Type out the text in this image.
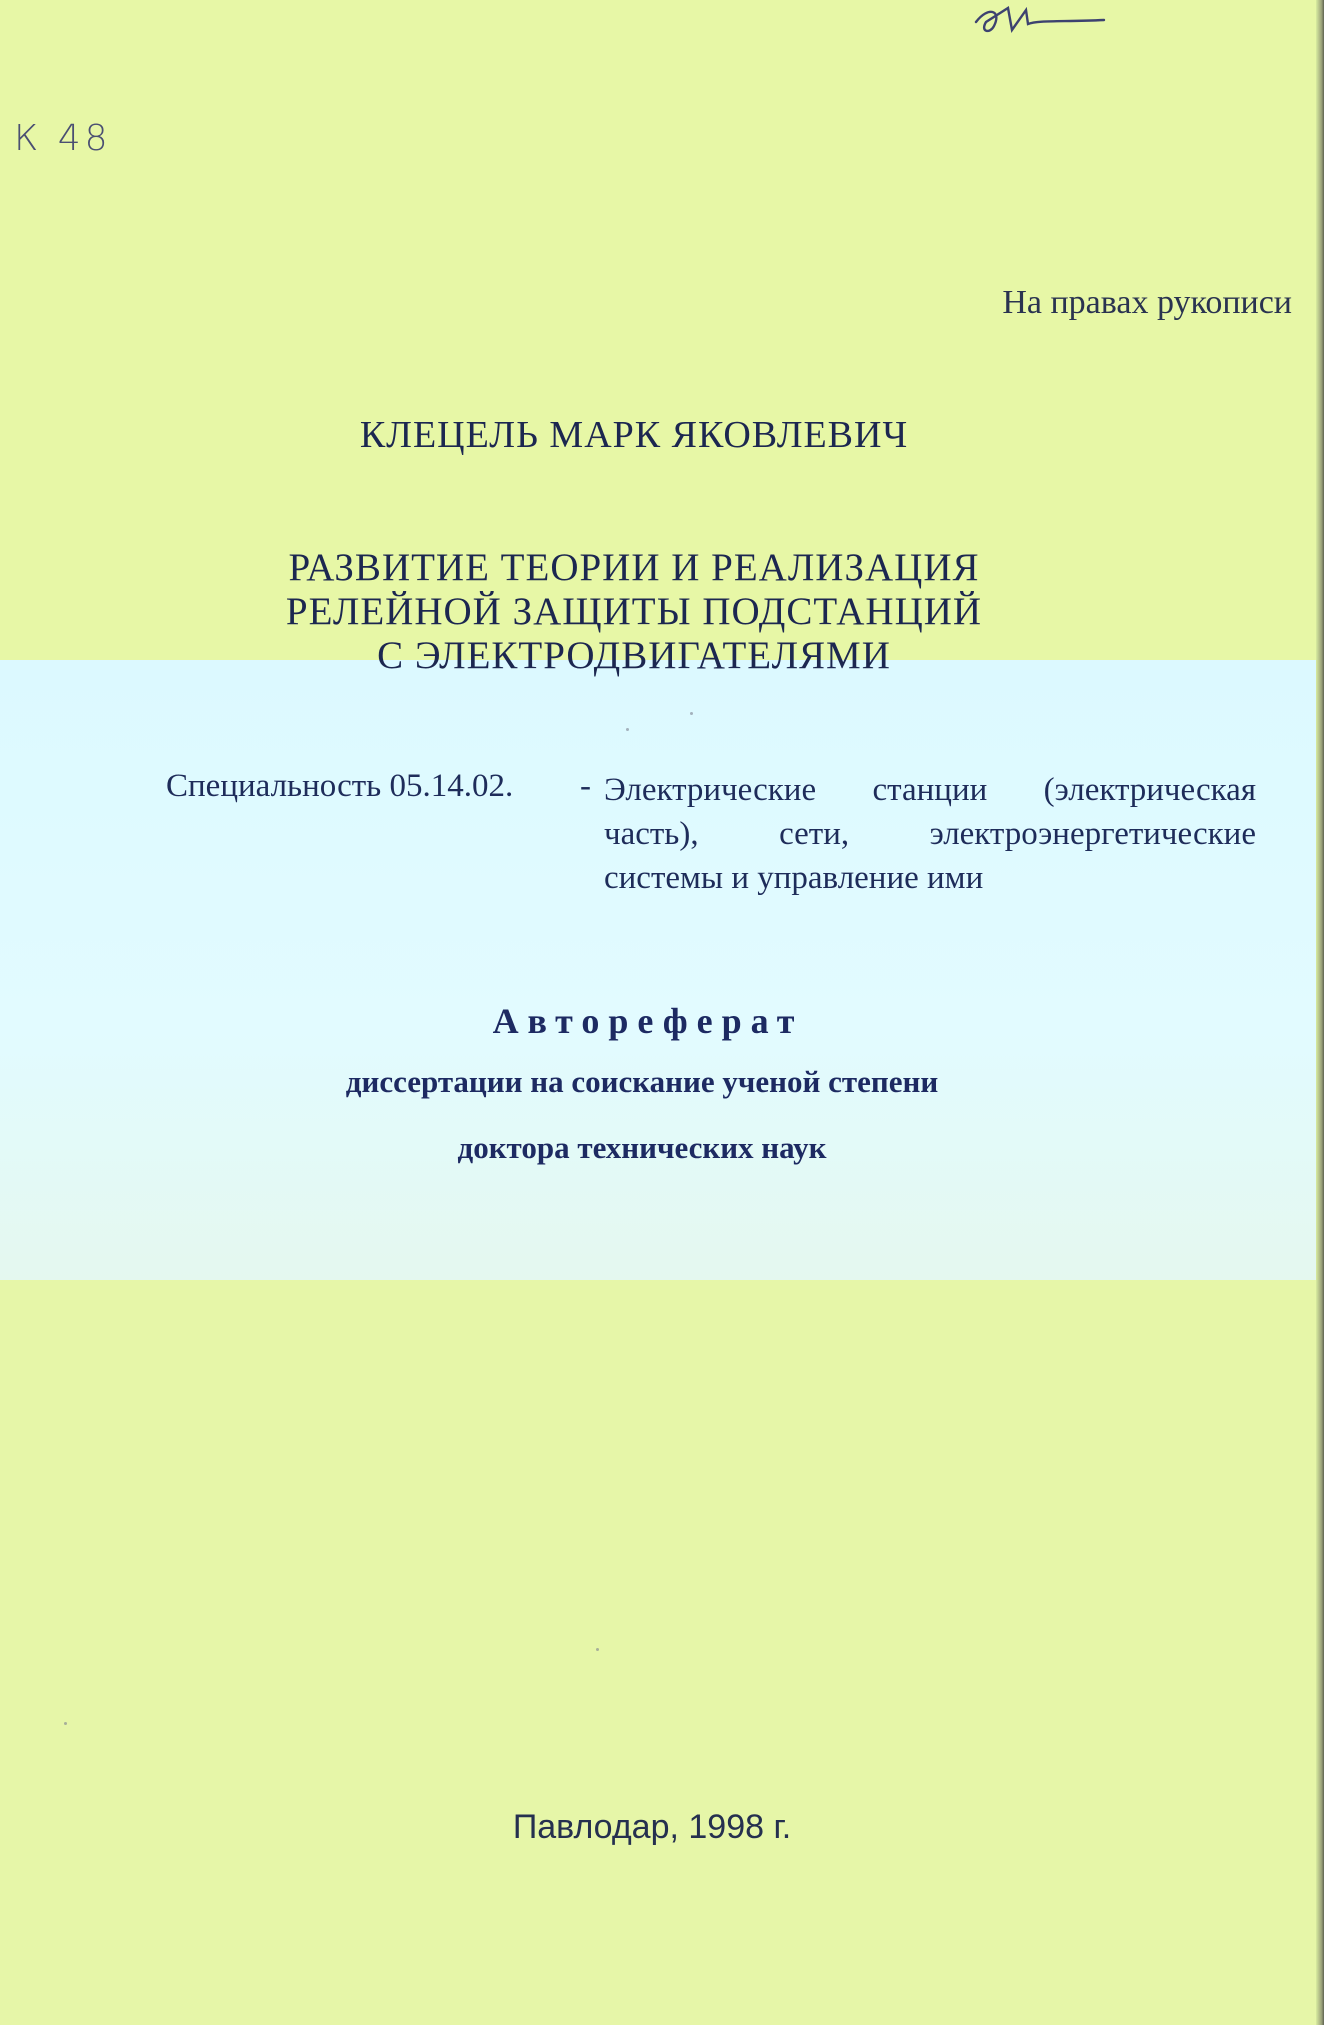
К 48

На правах рукописи

КЛЕЦЕЛЬ МАРК ЯКОВЛЕВИЧ

РАЗВИТИЕ ТЕОРИИ И РЕАЛИЗАЦИЯ
РЕЛЕЙНОЙ ЗАЩИТЫ ПОДСТАНЦИЙ
С ЭЛЕКТРОДВИГАТЕЛЯМИ

Специальность 05.14.02. - Электрические станции (электрическая
часть), сети, электроэнергетические
системы и управление ими

Автореферат

диссертации на соискание ученой степени

доктора технических наук

Павлодар, 1998 г.
